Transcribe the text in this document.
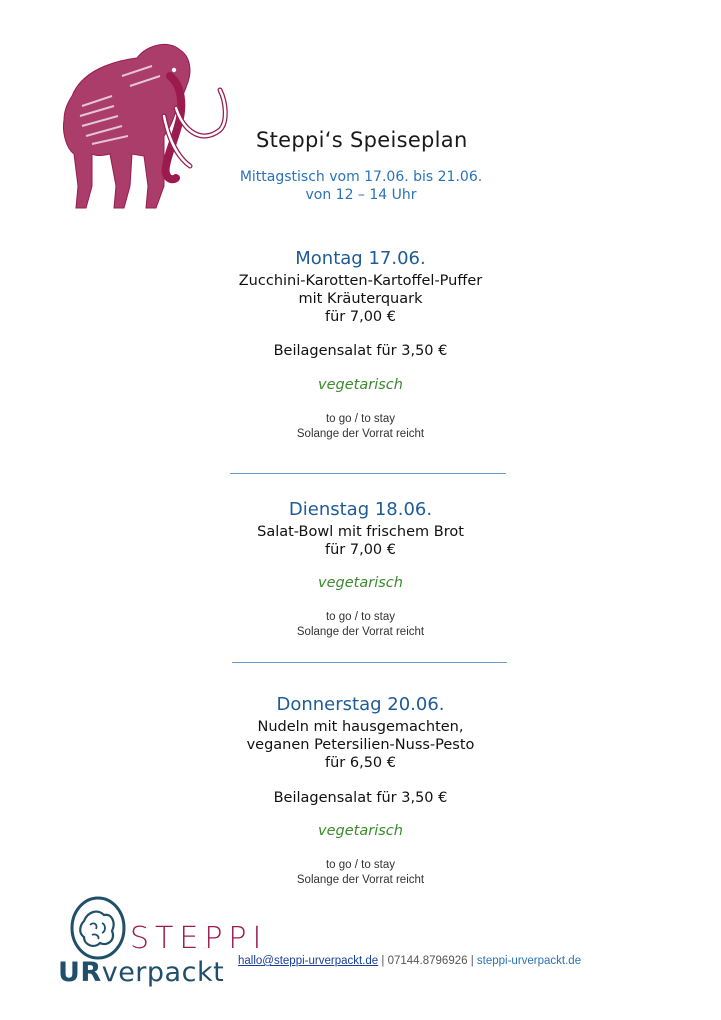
Steppi‘s Speiseplan
Mittagstisch vom 17.06. bis 21.06.
von 12 – 14 Uhr
Montag 17.06.
Zucchini-Karotten-Kartoffel-Puffer
mit Kräuterquark
für 7,00 €
Beilagensalat für 3,50 €
vegetarisch
to go / to stay
Solange der Vorrat reicht
Dienstag 18.06.
Salat-Bowl mit frischem Brot
für 7,00 €
vegetarisch
to go / to stay
Solange der Vorrat reicht
Donnerstag 20.06.
Nudeln mit hausgemachten,
veganen Petersilien-Nuss-Pesto
für 6,50 €
Beilagensalat für 3,50 €
vegetarisch
to go / to stay
Solange der Vorrat reicht
STEPPI
URverpackt hallo@steppi-urverpackt.de | 07144.8796926 | steppi-urverpackt.de
